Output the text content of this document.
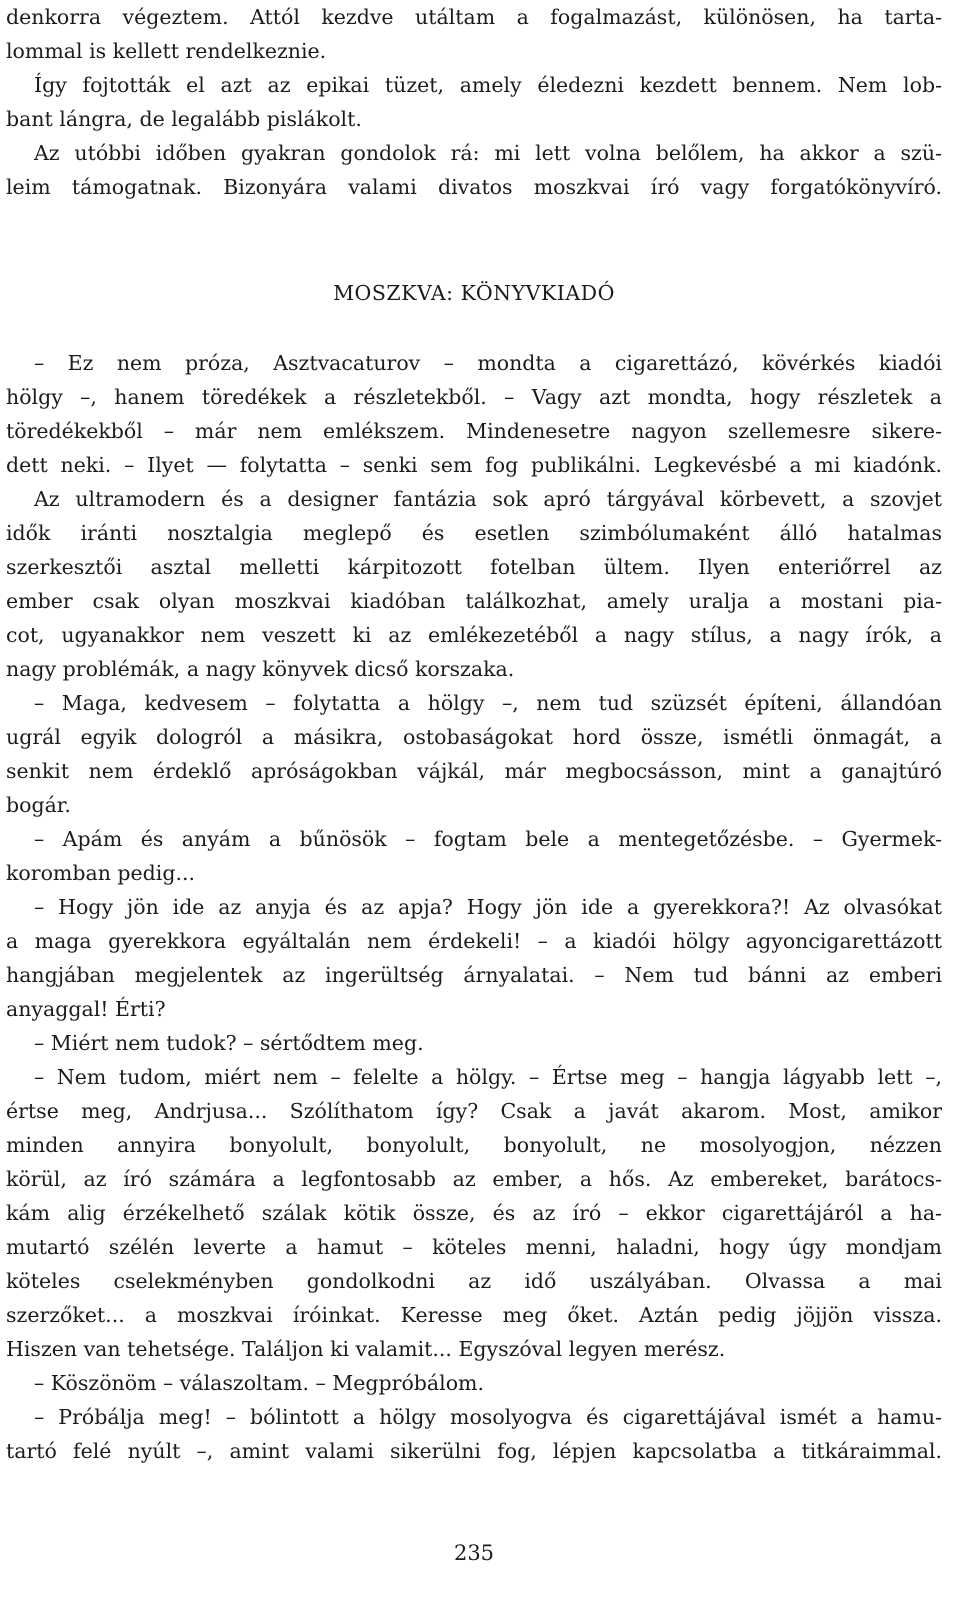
denkorra végeztem. Attól kezdve utáltam a fogalmazást, különösen, ha tarta-
lommal is kellett rendelkeznie.
Így fojtották el azt az epikai tüzet, amely éledezni kezdett bennem. Nem lob-
bant lángra, de legalább pislákolt.
Az utóbbi időben gyakran gondolok rá: mi lett volna belőlem, ha akkor a szü-
leim támogatnak. Bizonyára valami divatos moszkvai író vagy forgatókönyvíró.
MOSZKVA: KÖNYVKIADÓ
– Ez nem próza, Asztvacaturov – mondta a cigarettázó, kövérkés kiadói
hölgy –, hanem töredékek a részletekből. – Vagy azt mondta, hogy részletek a
töredékekből – már nem emlékszem. Mindenesetre nagyon szellemesre sikere-
dett neki. – Ilyet — folytatta – senki sem fog publikálni. Legkevésbé a mi kiadónk.
Az ultramodern és a designer fantázia sok apró tárgyával körbevett, a szovjet
idők iránti nosztalgia meglepő és esetlen szimbólumaként álló hatalmas
szerkesztői asztal melletti kárpitozott fotelban ültem. Ilyen enteriőrrel az
ember csak olyan moszkvai kiadóban találkozhat, amely uralja a mostani pia-
cot, ugyanakkor nem veszett ki az emlékezetéből a nagy stílus, a nagy írók, a
nagy problémák, a nagy könyvek dicső korszaka.
– Maga, kedvesem – folytatta a hölgy –, nem tud szüzsét építeni, állandóan
ugrál egyik dologról a másikra, ostobaságokat hord össze, ismétli önmagát, a
senkit nem érdeklő apróságokban vájkál, már megbocsásson, mint a ganajtúró
bogár.
– Apám és anyám a bűnösök – fogtam bele a mentegetőzésbe. – Gyermek-
koromban pedig...
– Hogy jön ide az anyja és az apja? Hogy jön ide a gyerekkora?! Az olvasókat
a maga gyerekkora egyáltalán nem érdekeli! – a kiadói hölgy agyoncigarettázott
hangjában megjelentek az ingerültség árnyalatai. – Nem tud bánni az emberi
anyaggal! Érti?
– Miért nem tudok? – sértődtem meg.
– Nem tudom, miért nem – felelte a hölgy. – Értse meg – hangja lágyabb lett –,
értse meg, Andrjusa... Szólíthatom így? Csak a javát akarom. Most, amikor
minden annyira bonyolult, bonyolult, bonyolult, ne mosolyogjon, nézzen
körül, az író számára a legfontosabb az ember, a hős. Az embereket, barátocs-
kám alig érzékelhető szálak kötik össze, és az író – ekkor cigarettájáról a ha-
mutartó szélén leverte a hamut – köteles menni, haladni, hogy úgy mondjam
köteles cselekményben gondolkodni az idő uszályában. Olvassa a mai
szerzőket... a moszkvai íróinkat. Keresse meg őket. Aztán pedig jöjjön vissza.
Hiszen van tehetsége. Találjon ki valamit... Egyszóval legyen merész.
– Köszönöm – válaszoltam. – Megpróbálom.
– Próbálja meg! – bólintott a hölgy mosolyogva és cigarettájával ismét a hamu-
tartó felé nyúlt –, amint valami sikerülni fog, lépjen kapcsolatba a titkáraimmal.
235
